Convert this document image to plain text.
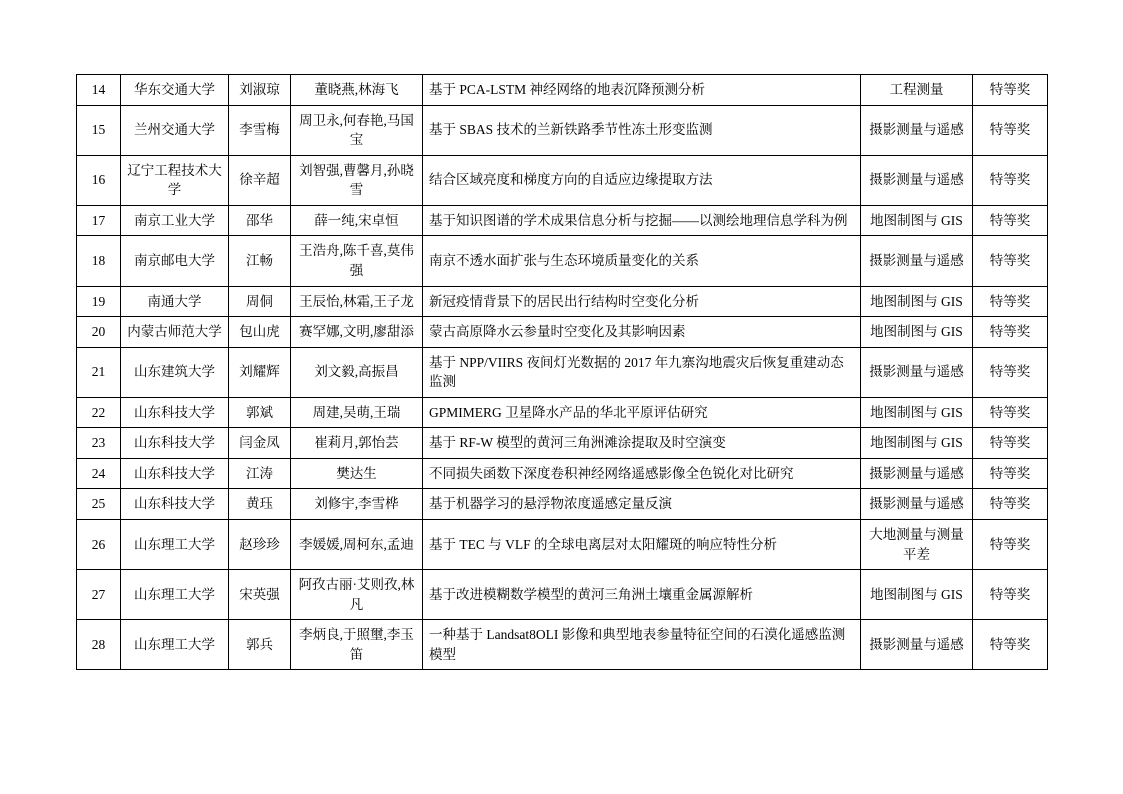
14	华东交通大学	刘淑琼	董晓燕,林海飞	基于 PCA-LSTM 神经网络的地表沉降预测分析	工程测量	特等奖
15	兰州交通大学	李雪梅	周卫永,何春艳,马国宝	基于 SBAS 技术的兰新铁路季节性冻土形变监测	摄影测量与遥感	特等奖
16	辽宁工程技术大学	徐辛超	刘智强,曹馨月,孙晓雪	结合区域亮度和梯度方向的自适应边缘提取方法	摄影测量与遥感	特等奖
17	南京工业大学	邵华	薛一纯,宋卓恒	基于知识图谱的学术成果信息分析与挖掘——以测绘地理信息学科为例	地图制图与 GIS	特等奖
18	南京邮电大学	江畅	王浩舟,陈千喜,莫伟强	南京不透水面扩张与生态环境质量变化的关系	摄影测量与遥感	特等奖
19	南通大学	周侗	王辰怡,林霜,王子龙	新冠疫情背景下的居民出行结构时空变化分析	地图制图与 GIS	特等奖
20	内蒙古师范大学	包山虎	赛罕娜,文明,廖甜添	蒙古高原降水云参量时空变化及其影响因素	地图制图与 GIS	特等奖
21	山东建筑大学	刘耀辉	刘文毅,高振昌	基于 NPP/VIIRS 夜间灯光数据的 2017 年九寨沟地震灾后恢复重建动态监测	摄影测量与遥感	特等奖
22	山东科技大学	郭斌	周建,吴萌,王瑞	GPMIMERG 卫星降水产品的华北平原评估研究	地图制图与 GIS	特等奖
23	山东科技大学	闫金凤	崔莉月,郭怡芸	基于 RF-W 模型的黄河三角洲滩涂提取及时空演变	地图制图与 GIS	特等奖
24	山东科技大学	江涛	樊达生	不同损失函数下深度卷积神经网络遥感影像全色锐化对比研究	摄影测量与遥感	特等奖
25	山东科技大学	黄珏	刘修宇,李雪桦	基于机器学习的悬浮物浓度遥感定量反演	摄影测量与遥感	特等奖
26	山东理工大学	赵珍珍	李媛媛,周柯东,孟迪	基于 TEC 与 VLF 的全球电离层对太阳耀斑的响应特性分析	大地测量与测量平差	特等奖
27	山东理工大学	宋英强	阿孜古丽·艾则孜,林凡	基于改进模糊数学模型的黄河三角洲土壤重金属源解析	地图制图与 GIS	特等奖
28	山东理工大学	郭兵	李炳良,于照壐,李玉笛	一种基于 Landsat8OLI 影像和典型地表参量特征空间的石漠化遥感监测模型	摄影测量与遥感	特等奖
